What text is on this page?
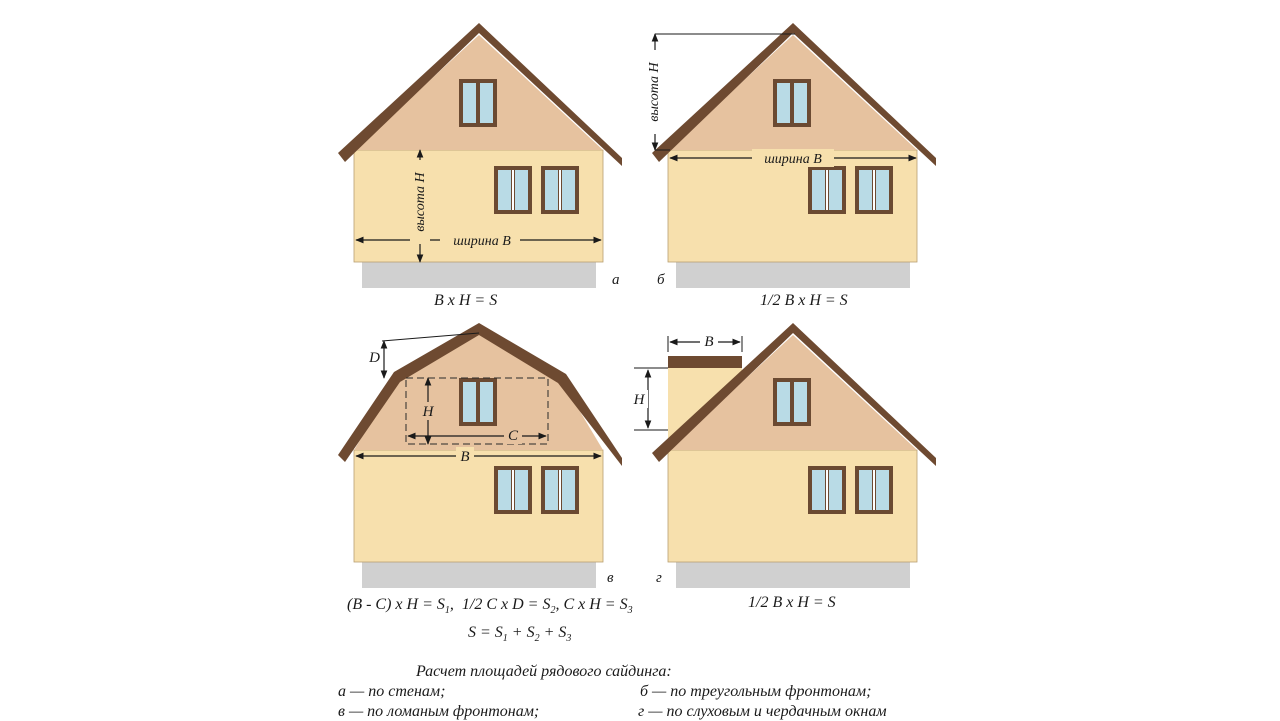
ширина B
высота H
а
высота H
ширина B
б
D
H
C
B
в
B
H
г
B x H = S	1/2 B x H = S
(B - C) x $H = S_1$,  1/2 C x $D = S_2$, C x $H = S_3$
$S = S_1 + S_2 + S_3$
1/2 B x H = S
Расчет площадей рядового сайдинга:
а — по стенам;	б — по треугольным фронтонам;
в — по ломаным фронтонам;	г — по слуховым и чердачным окнам
